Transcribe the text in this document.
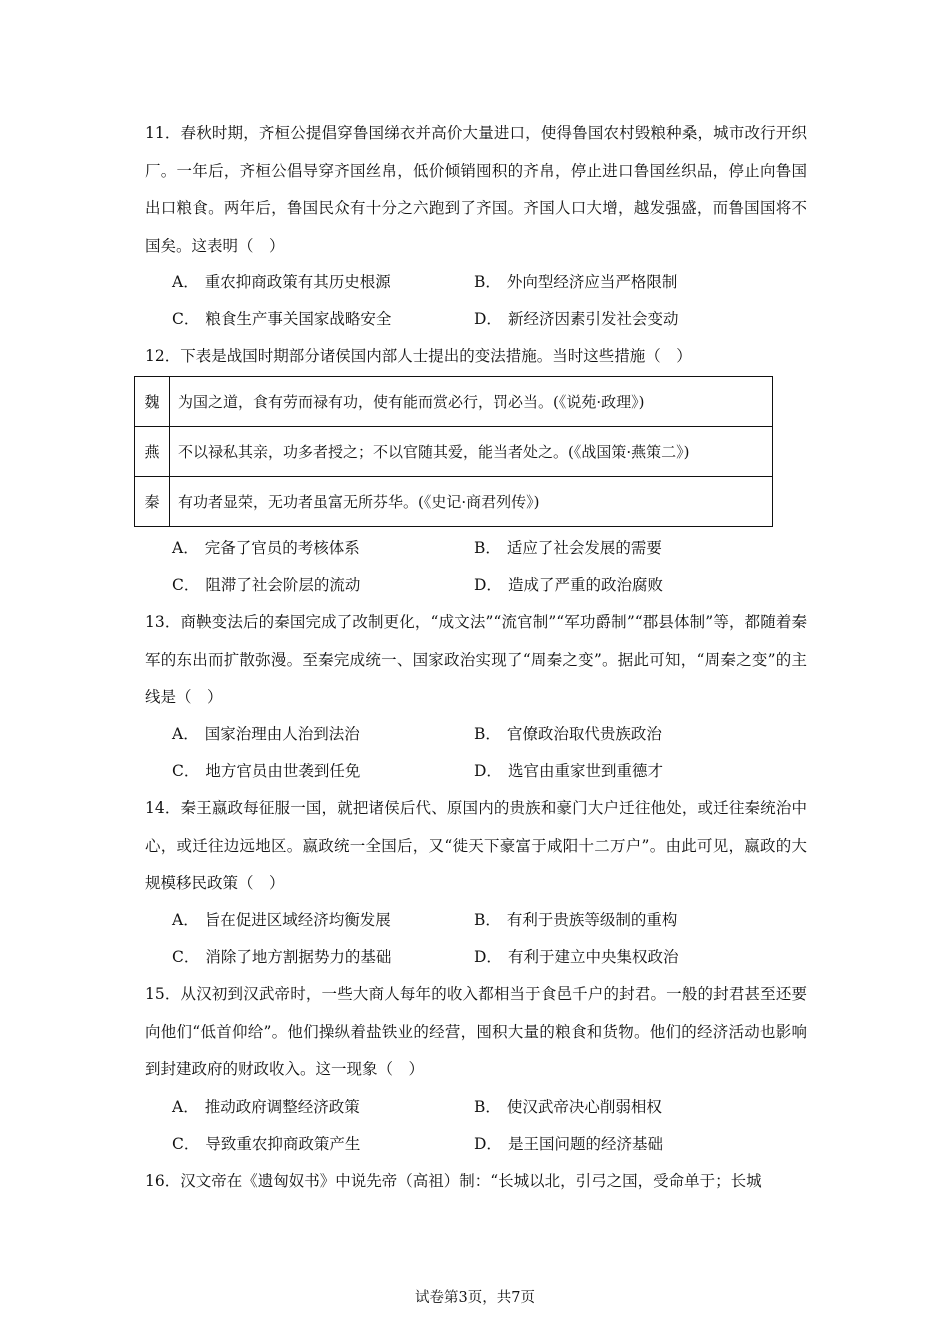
11．春秋时期，齐桓公提倡穿鲁国绨衣并高价大量进口，使得鲁国农村毁粮种桑，城市改行开织厂。一年后，齐桓公倡导穿齐国丝帛，低价倾销囤积的齐帛，停止进口鲁国丝织品，停止向鲁国出口粮食。两年后，鲁国民众有十分之六跑到了齐国。齐国人口大增，越发强盛，而鲁国国将不国矣。这表明（　）

A． 重农抑商政策有其历史根源	B． 外向型经济应当严格限制
C． 粮食生产事关国家战略安全	D． 新经济因素引发社会变动

12．下表是战国时期部分诸侯国内部人士提出的变法措施。当时这些措施（　）

魏	为国之道，食有劳而禄有功，使有能而赏必行，罚必当。(《说苑·政理》)
燕	不以禄私其亲，功多者授之；不以官随其爱，能当者处之。(《战国策·燕策二》)
秦	有功者显荣，无功者虽富无所芬华。(《史记·商君列传》)
A． 完备了官员的考核体系	B． 适应了社会发展的需要
C． 阻滞了社会阶层的流动	D． 造成了严重的政治腐败

13．商鞅变法后的秦国完成了改制更化，“成文法”“流官制”“军功爵制”“郡县体制”等，都随着秦军的东出而扩散弥漫。至秦完成统一、国家政治实现了“周秦之变”。据此可知，“周秦之变”的主线是（　）

A． 国家治理由人治到法治	B． 官僚政治取代贵族政治
C． 地方官员由世袭到任免	D． 选官由重家世到重德才

14．秦王嬴政每征服一国，就把诸侯后代、原国内的贵族和豪门大户迁往他处，或迁往秦统治中心，或迁往边远地区。嬴政统一全国后，又“徙天下豪富于咸阳十二万户”。由此可见，嬴政的大规模移民政策（　）

A． 旨在促进区域经济均衡发展	B． 有利于贵族等级制的重构
C． 消除了地方割据势力的基础	D． 有利于建立中央集权政治

15．从汉初到汉武帝时，一些大商人每年的收入都相当于食邑千户的封君。一般的封君甚至还要向他们“低首仰给”。他们操纵着盐铁业的经营，囤积大量的粮食和货物。他们的经济活动也影响到封建政府的财政收入。这一现象（　）

A． 推动政府调整经济政策	B． 使汉武帝决心削弱相权
C． 导致重农抑商政策产生	D． 是王国问题的经济基础

16．汉文帝在《遗匈奴书》中说先帝（高祖）制：“长城以北，引弓之国，受命单于；长城

试卷第3页，共7页
